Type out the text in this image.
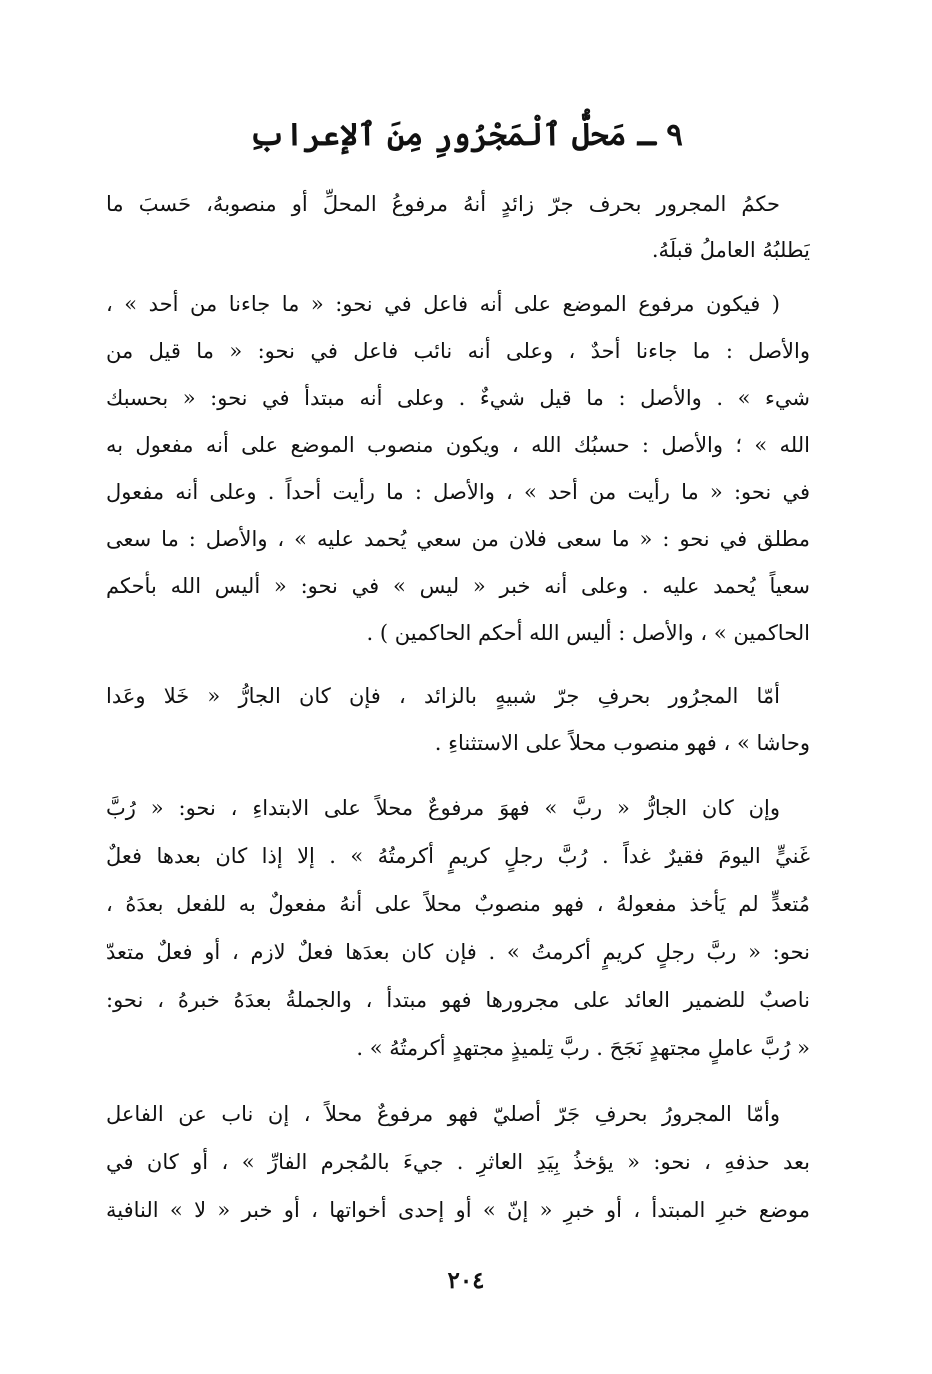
٩ ـ مَحلُّ ٱلْمَجْرُورِ مِنَ ٱلإعرابِ
حكمُ المجرور بحرف جرّ زائدٍ أنهُ مرفوعُ المحلِّ أو منصوبهُ، حَسبَ ما
يَطلبُهُ العاملُ قبلَهُ.
( فيكون مرفوع الموضع على أنه فاعل في نحو: « ما جاءنا من أحد » ،
والأصل : ما جاءنا أحدٌ ، وعلى أنه نائب فاعل في نحو: « ما قيل من
شيء » . والأصل : ما قيل شيءٌ . وعلى أنه مبتدأ في نحو: « بحسبك
الله » ؛ والأصل : حسبُك الله ، ويكون منصوب الموضع على أنه مفعول به
في نحو: « ما رأيت من أحد » ، والأصل : ما رأيت أحداً . وعلى أنه مفعول
مطلق في نحو : « ما سعى فلان من سعي يُحمد عليه » ، والأصل : ما سعى
سعياً يُحمد عليه . وعلى أنه خبر « ليس » في نحو: « أليس الله بأحكم
الحاكمين » ، والأصل : أليس الله أحكم الحاكمين ) .
أمّا المجرُور بحرفِ جرّ شبيهٍ بالزائد ، فإن كان الجارُّ « خَلا وعَدا
وحاشا » ، فهو منصوب محلاً على الاستثناءِ .
وإن كان الجارُّ « ربَّ » فهوَ مرفوعٌ محلاً على الابتداءِ ، نحو: « رُبَّ
غَنيٍّ اليومَ فقيرٌ غداً . رُبَّ رجلٍ كريمٍ أكرمتُهُ » . إلا إذا كان بعدها فعلٌ
مُتعدٍّ لم يَأخذ مفعولهُ ، فهو منصوبٌ محلاً على أنهُ مفعولٌ به للفعل بعدَهُ ،
نحو: « ربَّ رجلٍ كريمٍ أكرمتُ » . فإن كان بعدَها فعلٌ لازم ، أو فعلٌ متعدّ
ناصبٌ للضمير العائد على مجرورها فهو مبتدأ ، والجملةُ بعدَهُ خبرهُ ، نحو:
« رُبَّ عاملٍ مجتهدٍ نَجَحَ . ربَّ تِلميذٍ مجتهدٍ أكرمتُهُ » .
وأمّا المجرورُ بحرفِ جَرّ أصليّ فهو مرفوعٌ محلاً ، إن ناب عن الفاعل
بعد حذفهِ ، نحو: « يؤخذُ بِيَدِ العاثرِ . جيءَ بالمُجرم الفارِّ » ، أو كان في
موضع خبرِ المبتدأ ، أو خبرِ « إنّ » أو إحدى أخواتها ، أو خبر « لا » النافية
٢٠٤
